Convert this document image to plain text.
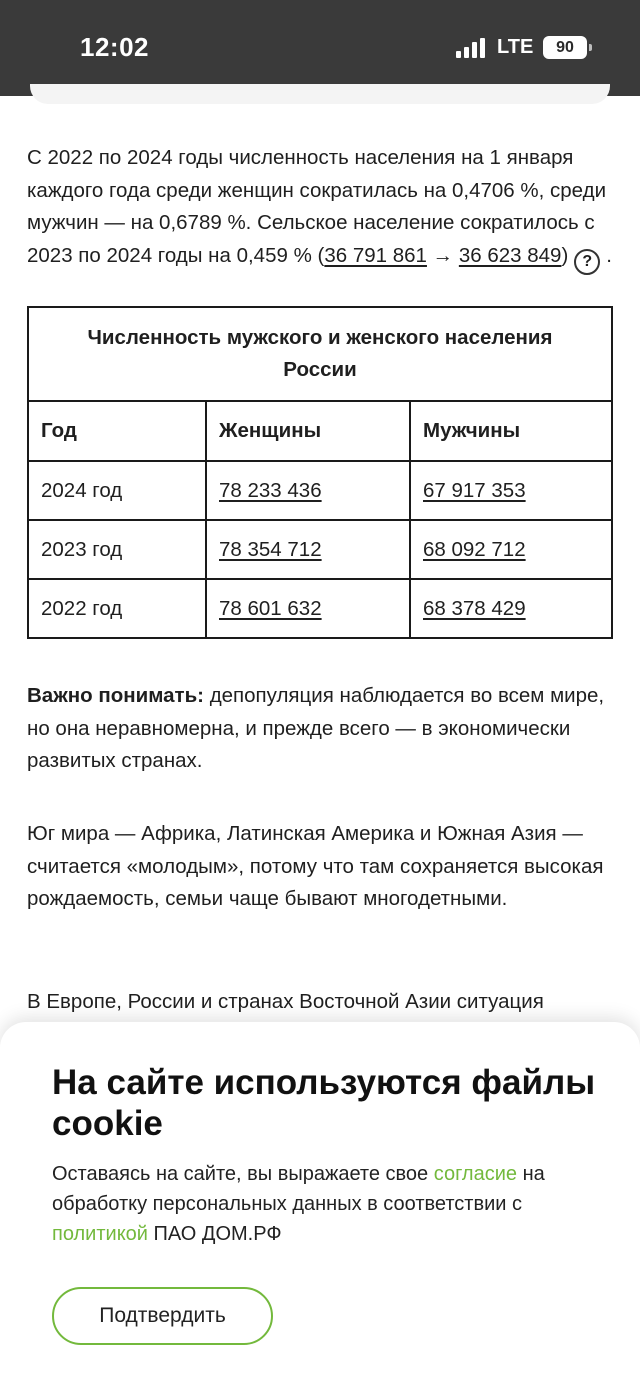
12:02	LTE	90

С 2022 по 2024 годы численность населения на 1 января каждого года среди женщин сократилась на 0,4706 %, среди мужчин — на 0,6789 %. Сельское население сократилось с 2023 по 2024 годы на 0,459 % (36 791 861 → 36 623 849) ? .

Численность мужского и женского населения России
Год	Женщины	Мужчины
2024 год	78 233 436	67 917 353
2023 год	78 354 712	68 092 712
2022 год	78 601 632	68 378 429

Важно понимать: депопуляция наблюдается во всем мире, но она неравномерна, и прежде всего — в экономически развитых странах.

Юг мира — Африка, Латинская Америка и Южная Азия — считается «молодым», потому что там сохраняется высокая рождаемость, семьи чаще бывают многодетными.

В Европе, России и странах Восточной Азии ситуация

На сайте используются файлы cookie

Оставаясь на сайте, вы выражаете свое согласие на обработку персональных данных в соответствии с политикой ПАО ДОМ.РФ

Подтвердить
